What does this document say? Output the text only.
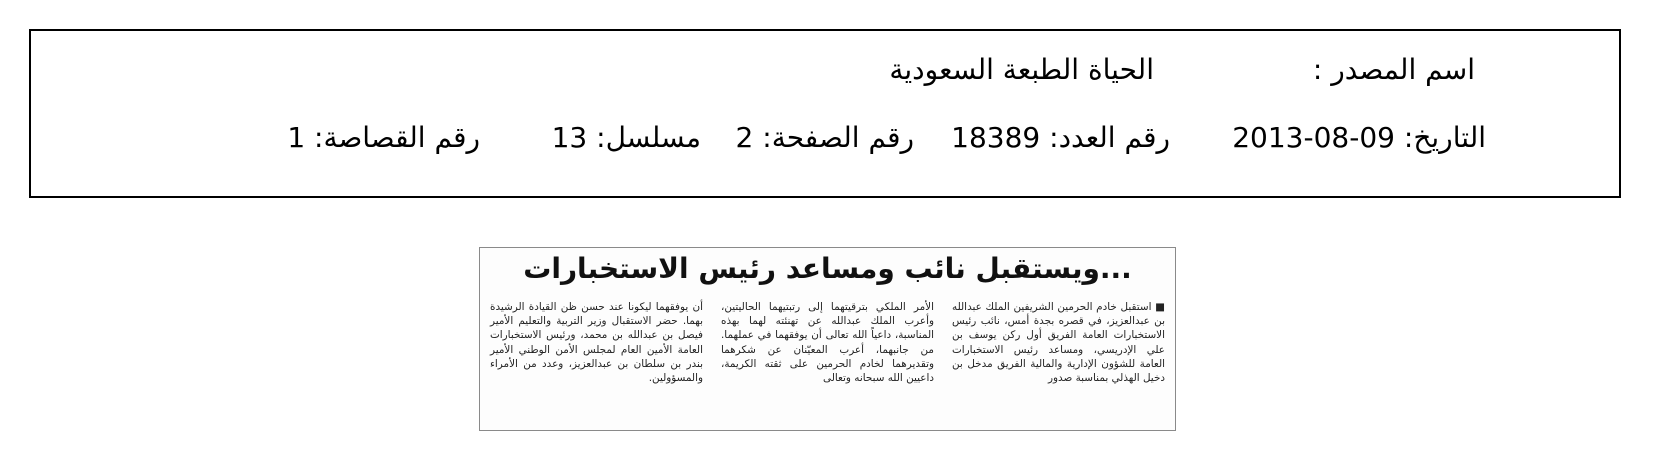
اسم المصدر :
الحياة الطبعة السعودية
التاريخ: 09-08-2013
رقم العدد: 18389
رقم الصفحة: 2
مسلسل: 13
رقم القصاصة: 1
...ويستقبل نائب ومساعد رئيس الاستخبارات

■ استقبل خادم الحرمين الشريفين الملك عبدالله بن عبدالعزيز، في قصره بجدة أمس، نائب رئيس الاستخبارات العامة الفريق أول ركن يوسف بن علي الإدريسي، ومساعد رئيس الاستخبارات العامة للشؤون الإدارية والمالية الفريق مدخل بن دخيل الهذلي بمناسبة صدور

الأمر الملكي بترقيتهما إلى رتبتيهما الحاليتين، وأعرب الملك عبدالله عن تهنئته لهما بهذه المناسبة، داعياً الله تعالى أن يوفقهما في عملهما. من جانبهما، أعرب المعيّنان عن شكرهما وتقديرهما لخادم الحرمين على ثقته الكريمة، داعيين الله سبحانه وتعالى

أن يوفقهما ليكونا عند حسن ظن القيادة الرشيدة بهما. حضر الاستقبال وزير التربية والتعليم الأمير فيصل بن عبدالله بن محمد، ورئيس الاستخبارات العامة الأمين العام لمجلس الأمن الوطني الأمير بندر بن سلطان بن عبدالعزيز، وعدد من الأمراء والمسؤولين.
